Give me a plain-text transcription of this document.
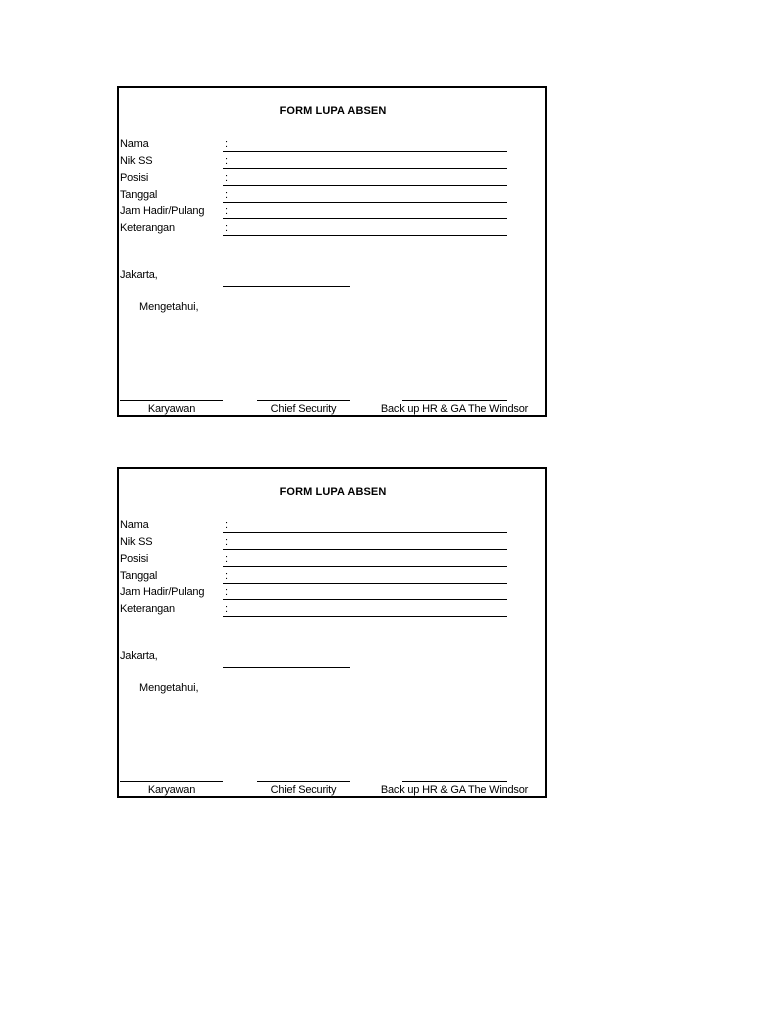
FORM LUPA ABSEN
Nama	:
Nik SS	:
Posisi	:
Tanggal	:
Jam Hadir/Pulang :
Keterangan	:
Jakarta,
Mengetahui,
Karyawan	Chief Security	Back up HR & GA The Windsor
FORM LUPA ABSEN
Nama	:
Nik SS	:
Posisi	:
Tanggal	:
Jam Hadir/Pulang :
Keterangan	:
Jakarta,
Mengetahui,
Karyawan	Chief Security	Back up HR & GA The Windsor
